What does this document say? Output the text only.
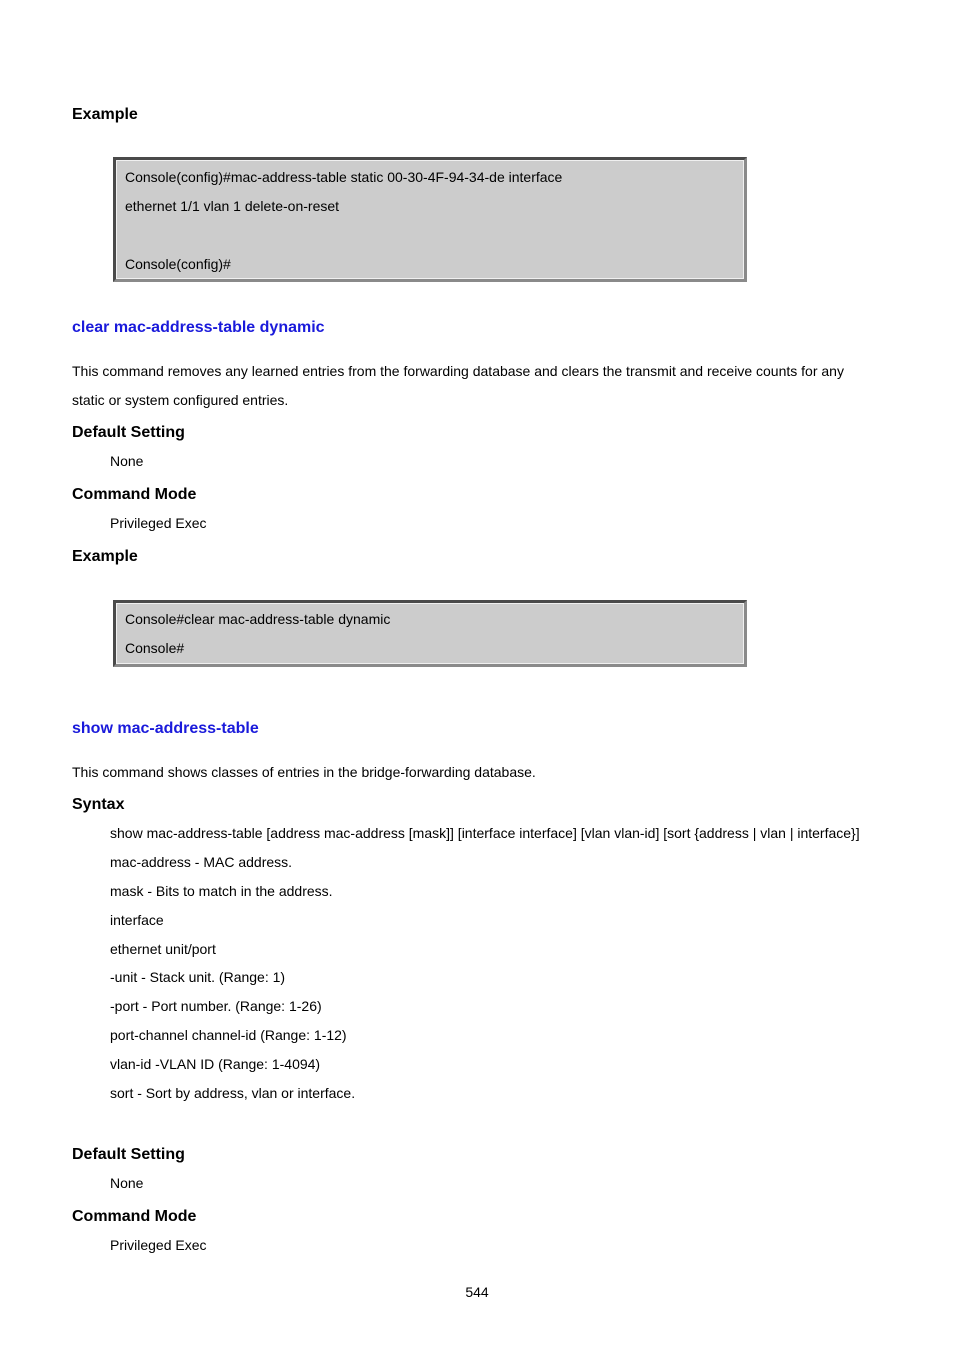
Example
Console(config)#mac-address-table static 00-30-4F-94-34-de interface
ethernet 1/1 vlan 1 delete-on-reset
Console(config)#
clear mac-address-table dynamic
This command removes any learned entries from the forwarding database and clears the transmit and receive counts for any
static or system configured entries.
Default Setting
None
Command Mode
Privileged Exec
Example
Console#clear mac-address-table dynamic
Console#
show mac-address-table
This command shows classes of entries in the bridge-forwarding database.
Syntax
show mac-address-table [address mac-address [mask]] [interface interface] [vlan vlan-id] [sort {address | vlan | interface}]
mac-address - MAC address.
mask - Bits to match in the address.
interface
ethernet unit/port
-unit - Stack unit. (Range: 1)
-port - Port number. (Range: 1-26)
port-channel channel-id (Range: 1-12)
vlan-id -VLAN ID (Range: 1-4094)
sort - Sort by address, vlan or interface.
Default Setting
None
Command Mode
Privileged Exec
544
